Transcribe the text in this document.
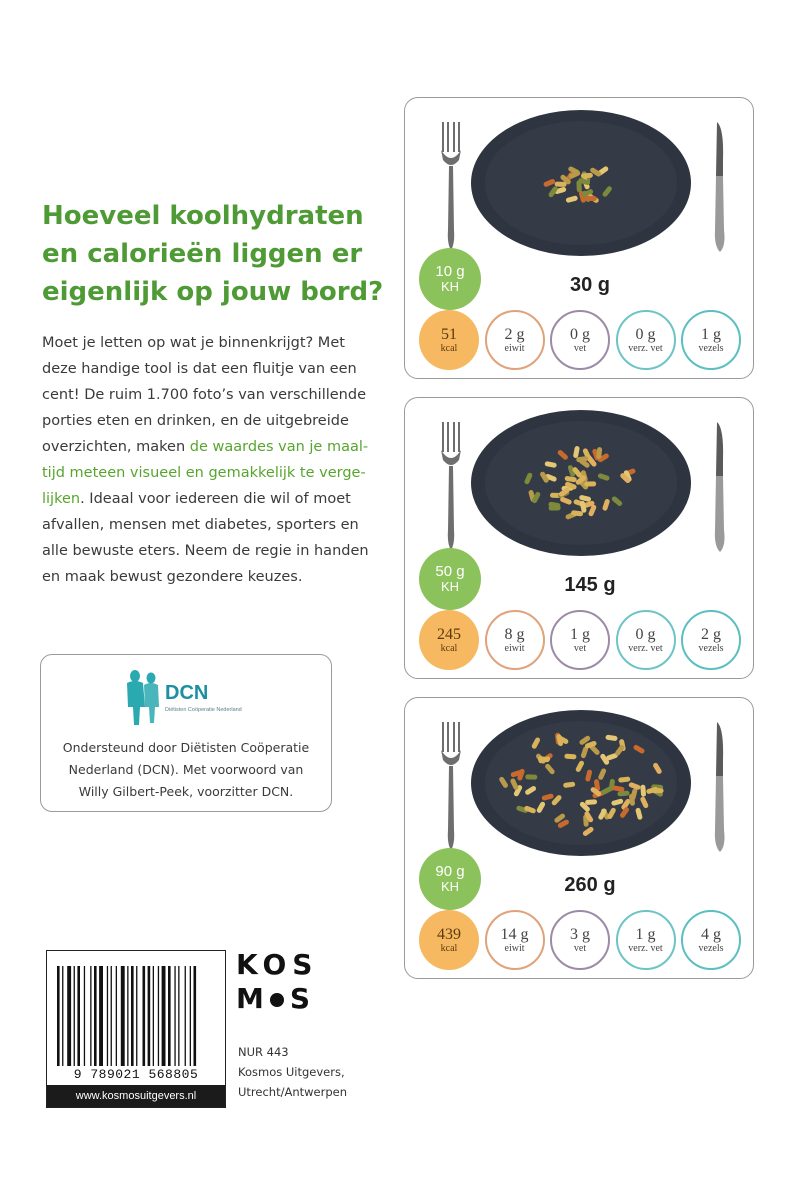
Hoeveel koolhydraten
en calorieën liggen er
eigenlijk op jouw bord?
Moet je letten op wat je binnenkrijgt? Met
deze handige tool is dat een fluitje van een
cent! De ruim 1.700 foto’s van verschillende
porties eten en drinken, en de uitgebreide
overzichten, maken de waardes van je maal-
tijd meteen visueel en gemakkelijk te verge-
lijken. Ideaal voor iedereen die wil of moet
afvallen, mensen met diabetes, sporters en
alle bewuste eters. Neem de regie in handen
en maak bewust gezondere keuzes.
DCN
Diëtisten Coöperatie Nederland
Ondersteund door Diëtisten Coöperatie
Nederland (DCN). Met voorwoord van
Willy Gilbert-Peek, voorzitter DCN.
30 g
10 g
KH
51
kcal
2 g
eiwit
0 g
vet
0 g
verz. vet
1 g
vezels
145 g
50 g
KH
245
kcal
8 g
eiwit
1 g
vet
0 g
verz. vet
2 g
vezels
260 g
90 g
KH
439
kcal
14 g
eiwit
3 g
vet
1 g
verz. vet
4 g
vezels
9 789021 568805
www.kosmosuitgevers.nl
KOS
M S
NUR 443
Kosmos Uitgevers,
Utrecht/Antwerpen
